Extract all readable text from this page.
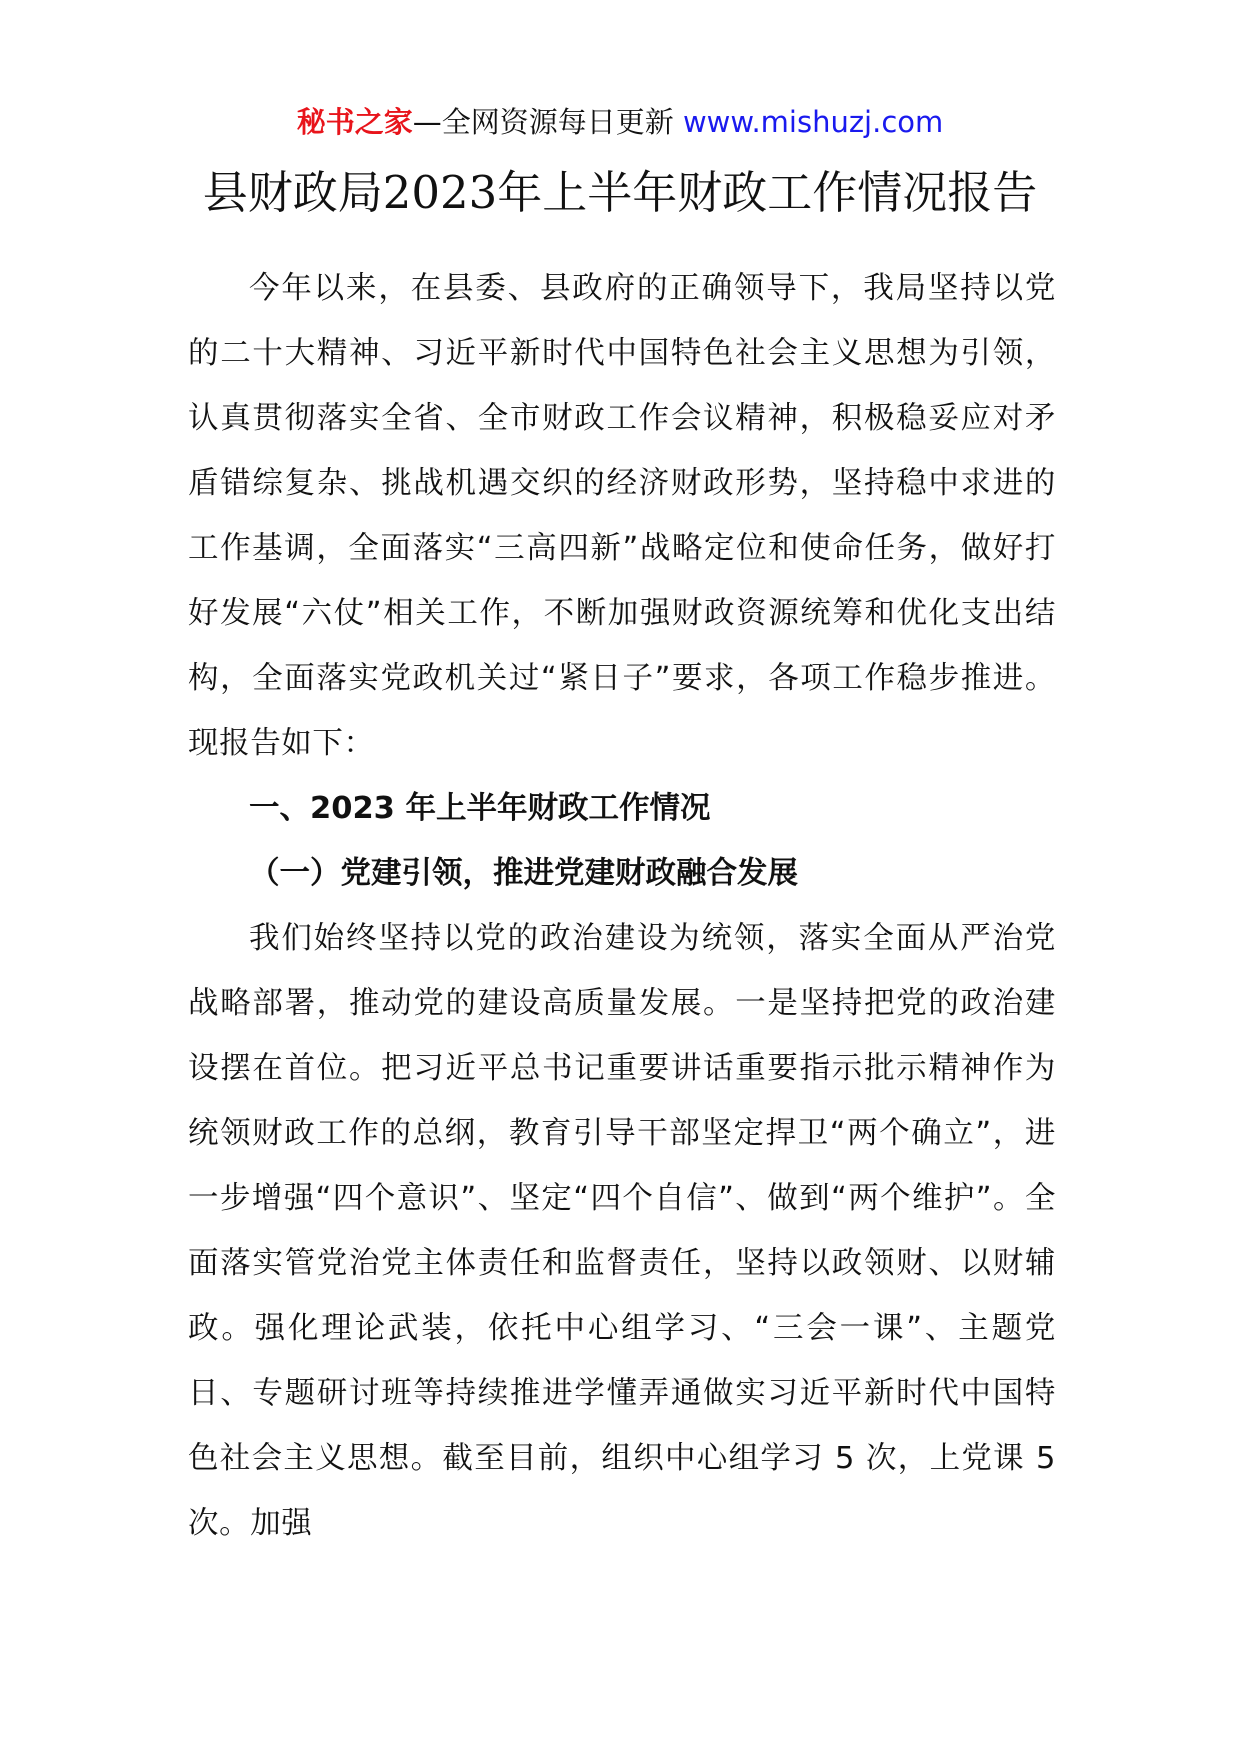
秘书之家—全网资源每日更新 www.mishuzj.com
县财政局2023年上半年财政工作情况报告

今年以来，在县委、县政府的正确领导下，我局坚持以党的二十大精神、习近平新时代中国特色社会主义思想为引领，认真贯彻落实全省、全市财政工作会议精神，积极稳妥应对矛盾错综复杂、挑战机遇交织的经济财政形势，坚持稳中求进的工作基调，全面落实“三高四新”战略定位和使命任务，做好打好发展“六仗”相关工作，不断加强财政资源统筹和优化支出结构，全面落实党政机关过“紧日子”要求，各项工作稳步推进。现报告如下：

一、2023 年上半年财政工作情况
（一）党建引领，推进党建财政融合发展

我们始终坚持以党的政治建设为统领，落实全面从严治党战略部署，推动党的建设高质量发展。一是坚持把党的政治建设摆在首位。把习近平总书记重要讲话重要指示批示精神作为统领财政工作的总纲，教育引导干部坚定捍卫“两个确立”，进一步增强“四个意识”、坚定“四个自信”、做到“两个维护”。全面落实管党治党主体责任和监督责任，坚持以政领财、以财辅政。强化理论武装，依托中心组学习、“三会一课”、主题党日、专题研讨班等持续推进学懂弄通做实习近平新时代中国特色社会主义思想。截至目前，组织中心组学习 5 次，上党课 5 次。加强
